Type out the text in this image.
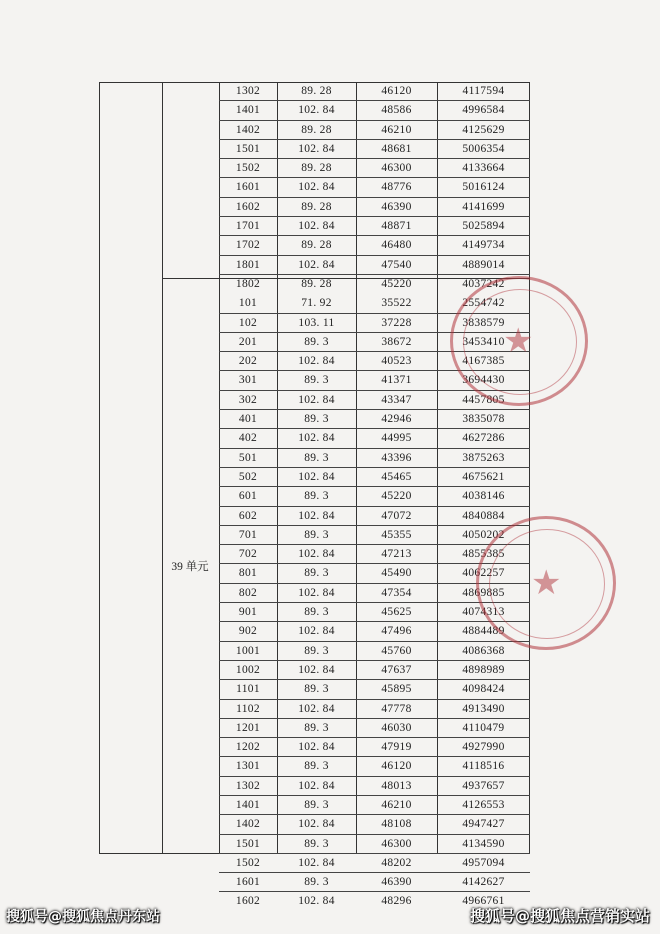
39 单元
1302	89. 28	46120	4117594
1401	102. 84	48586	4996584
1402	89. 28	46210	4125629
1501	102. 84	48681	5006354
1502	89. 28	46300	4133664
1601	102. 84	48776	5016124
1602	89. 28	46390	4141699
1701	102. 84	48871	5025894
1702	89. 28	46480	4149734
1801	102. 84	47540	4889014
1802	89. 28	45220	4037242
101	71. 92	35522	2554742
102	103. 11	37228	3838579
201	89. 3	38672	3453410
202	102. 84	40523	4167385
301	89. 3	41371	3694430
302	102. 84	43347	4457805
401	89. 3	42946	3835078
402	102. 84	44995	4627286
501	89. 3	43396	3875263
502	102. 84	45465	4675621
601	89. 3	45220	4038146
602	102. 84	47072	4840884
701	89. 3	45355	4050202
702	102. 84	47213	4855385
801	89. 3	45490	4062257
802	102. 84	47354	4869885
901	89. 3	45625	4074313
902	102. 84	47496	4884489
1001	89. 3	45760	4086368
1002	102. 84	47637	4898989
1101	89. 3	45895	4098424
1102	102. 84	47778	4913490
1201	89. 3	46030	4110479
1202	102. 84	47919	4927990
1301	89. 3	46120	4118516
1302	102. 84	48013	4937657
1401	89. 3	46210	4126553
1402	102. 84	48108	4947427
1501	89. 3	46300	4134590
1502	102. 84	48202	4957094
1601	89. 3	46390	4142627
1602	102. 84	48296	4966761
★
★
搜狐号@搜狐焦点丹东站	搜狐号@搜狐焦点营销实站
